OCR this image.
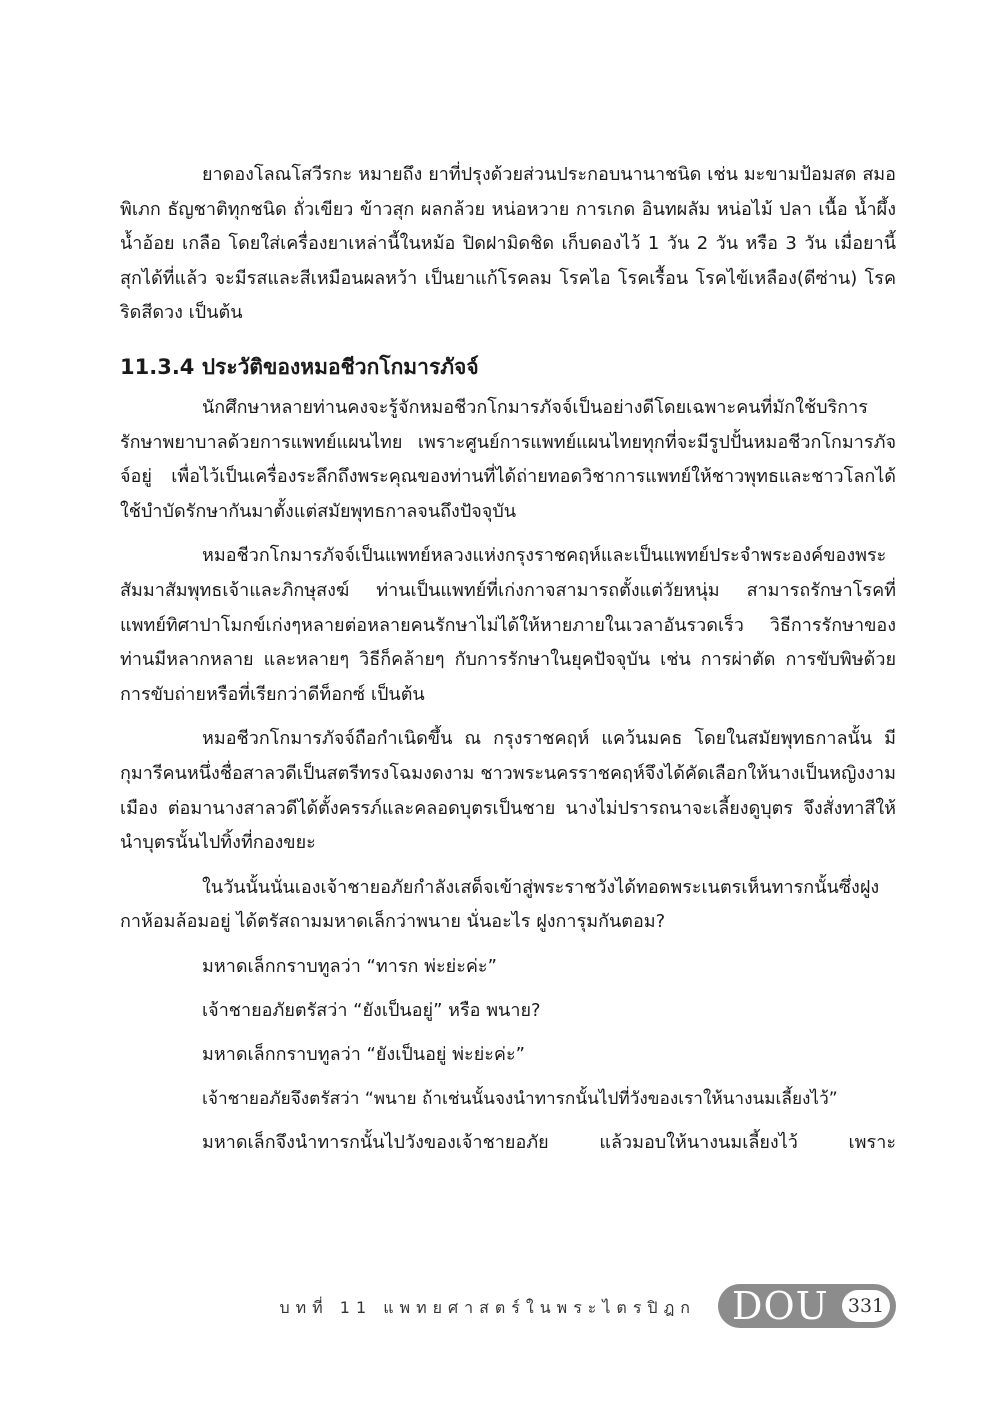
ยาดองโลณโสวีรกะ หมายถึง ยาที่ปรุงด้วยส่วนประกอบนานาชนิด เช่น มะขามป้อมสด สมอพิเภก ธัญชาติทุกชนิด ถั่วเขียว ข้าวสุก ผลกล้วย หน่อหวาย การเกด อินทผลัม หน่อไม้ ปลา เนื้อ น้ำผึ้ง น้ำอ้อย เกลือ โดยใส่เครื่องยาเหล่านี้ในหม้อ ปิดฝามิดชิด เก็บดองไว้ 1 วัน 2 วัน หรือ 3 วัน เมื่อยานี้สุกได้ที่แล้ว จะมีรสและสีเหมือนผลหว้า เป็นยาแก้โรคลม โรคไอ โรคเรื้อน โรคไข้เหลือง(ดีซ่าน) โรคริดสีดวง เป็นต้น

11.3.4 ประวัติของหมอชีวกโกมารภัจจ์

นักศึกษาหลายท่านคงจะรู้จักหมอชีวกโกมารภัจจ์เป็นอย่างดีโดยเฉพาะคนที่มักใช้บริการรักษาพยาบาลด้วยการแพทย์แผนไทย เพราะศูนย์การแพทย์แผนไทยทุกที่จะมีรูปปั้นหมอชีวกโกมารภัจจ์อยู่ เพื่อไว้เป็นเครื่องระลึกถึงพระคุณของท่านที่ได้ถ่ายทอดวิชาการแพทย์ให้ชาวพุทธและชาวโลกได้ใช้บำบัดรักษากันมาตั้งแต่สมัยพุทธกาลจนถึงปัจจุบัน

หมอชีวกโกมารภัจจ์เป็นแพทย์หลวงแห่งกรุงราชคฤห์และเป็นแพทย์ประจำพระองค์ของพระสัมมาสัมพุทธเจ้าและภิกษุสงฆ์ ท่านเป็นแพทย์ที่เก่งกาจสามารถตั้งแต่วัยหนุ่ม สามารถรักษาโรคที่แพทย์ทิศาปาโมกข์เก่งๆหลายต่อหลายคนรักษาไม่ได้ให้หายภายในเวลาอันรวดเร็ว วิธีการรักษาของท่านมีหลากหลาย และหลายๆ วิธีก็คล้ายๆ กับการรักษาในยุคปัจจุบัน เช่น การผ่าตัด การขับพิษด้วยการขับถ่ายหรือที่เรียกว่าดีท็อกซ์ เป็นต้น

หมอชีวกโกมารภัจจ์ถือกำเนิดขึ้น ณ กรุงราชคฤห์ แคว้นมคธ โดยในสมัยพุทธกาลนั้น มีกุมารีคนหนึ่งชื่อสาลวดีเป็นสตรีทรงโฉมงดงาม ชาวพระนครราชคฤห์จึงได้คัดเลือกให้นางเป็นหญิงงามเมือง ต่อมานางสาลวดีได้ตั้งครรภ์และคลอดบุตรเป็นชาย นางไม่ปรารถนาจะเลี้ยงดูบุตร จึงสั่งทาสีให้นำบุตรนั้นไปทิ้งที่กองขยะ

ในวันนั้นนั่นเองเจ้าชายอภัยกำลังเสด็จเข้าสู่พระราชวังได้ทอดพระเนตรเห็นทารกนั้นซึ่งฝูงกาห้อมล้อมอยู่ ได้ตรัสถามมหาดเล็กว่าพนาย นั่นอะไร ฝูงการุมกันตอม?

มหาดเล็กกราบทูลว่า “ทารก พ่ะย่ะค่ะ”
เจ้าชายอภัยตรัสว่า “ยังเป็นอยู่” หรือ พนาย?
มหาดเล็กกราบทูลว่า “ยังเป็นอยู่ พ่ะย่ะค่ะ”
เจ้าชายอภัยจึงตรัสว่า “พนาย ถ้าเช่นนั้นจงนำทารกนั้นไปที่วังของเราให้นางนมเลี้ยงไว้”
มหาดเล็กจึงนำทารกนั้นไปวังของเจ้าชายอภัย แล้วมอบให้นางนมเลี้ยงไว้ เพราะ
บทที่ 11 แพทยศาสตร์ในพระไตรปิฎก DOU	331
